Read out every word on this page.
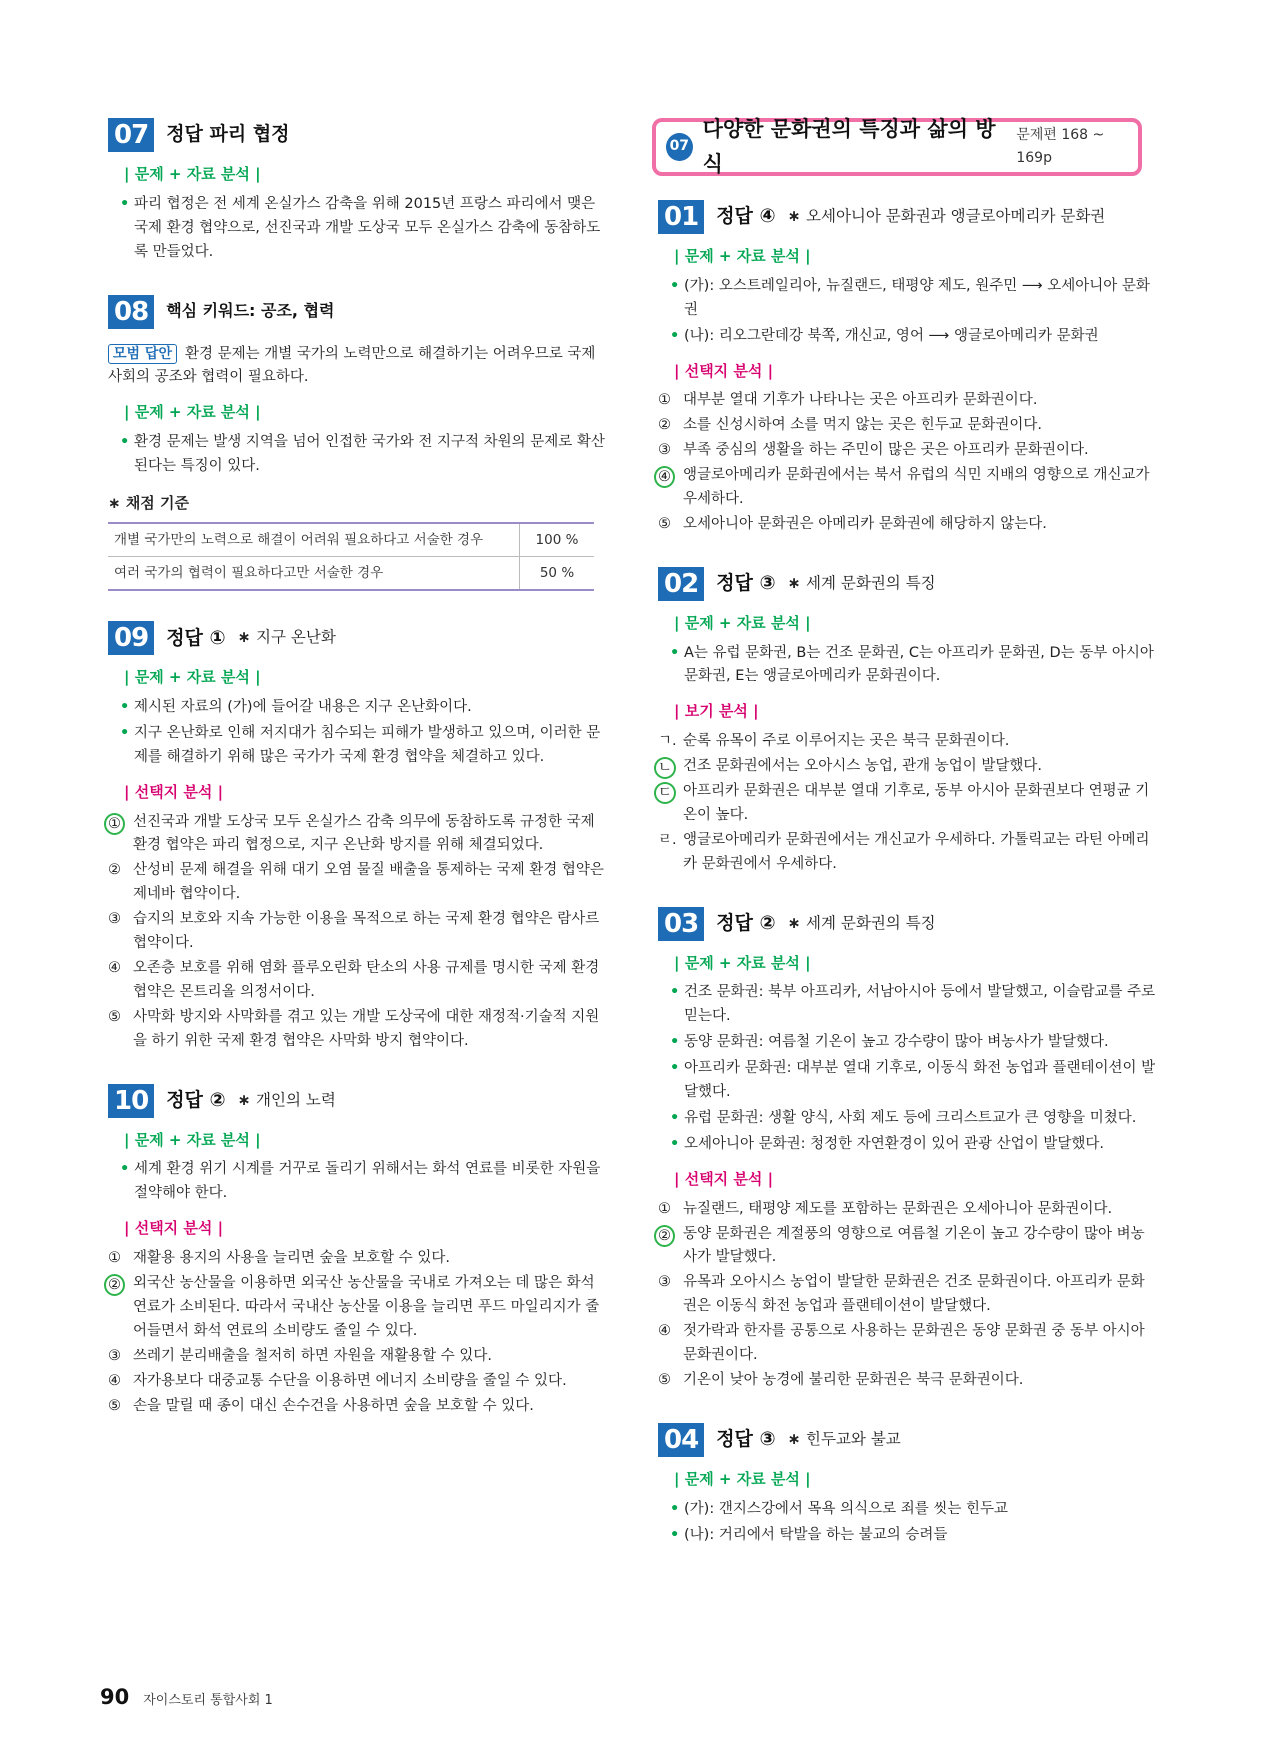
07 정답 파리 협정
| 문제 + 자료 분석 |
• 파리 협정은 전 세계 온실가스 감축을 위해 2015년 프랑스 파리에서 맺은 국제 환경 협약으로, 선진국과 개발 도상국 모두 온실가스 감축에 동참하도록 만들었다.
08	핵심 키워드: 공조, 협력
모범 답안 환경 문제는 개별 국가의 노력만으로 해결하기는 어려우므로 국제 사회의 공조와 협력이 필요하다.
| 문제 + 자료 분석 |
• 환경 문제는 발생 지역을 넘어 인접한 국가와 전 지구적 차원의 문제로 확산된다는 특징이 있다.
∗ 채점 기준
개별 국가만의 노력으로 해결이 어려워 필요하다고 서술한 경우	100 %
여러 국가의 협력이 필요하다고만 서술한 경우	50 %
09 정답 ①	∗ 지구 온난화
| 문제 + 자료 분석 |
• 제시된 자료의 (가)에 들어갈 내용은 지구 온난화이다.
• 지구 온난화로 인해 저지대가 침수되는 피해가 발생하고 있으며, 이러한 문제를 해결하기 위해 많은 국가가 국제 환경 협약을 체결하고 있다.
| 선택지 분석 |
① 선진국과 개발 도상국 모두 온실가스 감축 의무에 동참하도록 규정한 국제 환경 협약은 파리 협정으로, 지구 온난화 방지를 위해 체결되었다.
② 산성비 문제 해결을 위해 대기 오염 물질 배출을 통제하는 국제 환경 협약은 제네바 협약이다.
③ 습지의 보호와 지속 가능한 이용을 목적으로 하는 국제 환경 협약은 람사르 협약이다.
④ 오존층 보호를 위해 염화 플루오린화 탄소의 사용 규제를 명시한 국제 환경 협약은 몬트리올 의정서이다.
⑤ 사막화 방지와 사막화를 겪고 있는 개발 도상국에 대한 재정적·기술적 지원을 하기 위한 국제 환경 협약은 사막화 방지 협약이다.
10 정답 ②	∗ 개인의 노력
| 문제 + 자료 분석 |
• 세계 환경 위기 시계를 거꾸로 돌리기 위해서는 화석 연료를 비롯한 자원을 절약해야 한다.
| 선택지 분석 |
① 재활용 용지의 사용을 늘리면 숲을 보호할 수 있다.
② 외국산 농산물을 이용하면 외국산 농산물을 국내로 가져오는 데 많은 화석 연료가 소비된다. 따라서 국내산 농산물 이용을 늘리면 푸드 마일리지가 줄어들면서 화석 연료의 소비량도 줄일 수 있다.
③ 쓰레기 분리배출을 철저히 하면 자원을 재활용할 수 있다.
④ 자가용보다 대중교통 수단을 이용하면 에너지 소비량을 줄일 수 있다.
⑤ 손을 말릴 때 종이 대신 손수건을 사용하면 숲을 보호할 수 있다.
07
다양한 문화권의 특징과 삶의 방식
문제편 168 ~ 169p
01 정답 ④	∗ 오세아니아 문화권과 앵글로아메리카 문화권
| 문제 + 자료 분석 |
• (가): 오스트레일리아, 뉴질랜드, 태평양 제도, 원주민 ⟶ 오세아니아 문화권
• (나): 리오그란데강 북쪽, 개신교, 영어 ⟶ 앵글로아메리카 문화권
| 선택지 분석 |
① 대부분 열대 기후가 나타나는 곳은 아프리카 문화권이다.
② 소를 신성시하여 소를 먹지 않는 곳은 힌두교 문화권이다.
③ 부족 중심의 생활을 하는 주민이 많은 곳은 아프리카 문화권이다.
④ 앵글로아메리카 문화권에서는 북서 유럽의 식민 지배의 영향으로 개신교가 우세하다.
⑤ 오세아니아 문화권은 아메리카 문화권에 해당하지 않는다.
02 정답 ③	∗ 세계 문화권의 특징
| 문제 + 자료 분석 |
• A는 유럽 문화권, B는 건조 문화권, C는 아프리카 문화권, D는 동부 아시아 문화권, E는 앵글로아메리카 문화권이다.
| 보기 분석 |
ㄱ. 순록 유목이 주로 이루어지는 곳은 북극 문화권이다.
ㄴ 건조 문화권에서는 오아시스 농업, 관개 농업이 발달했다.
ㄷ 아프리카 문화권은 대부분 열대 기후로, 동부 아시아 문화권보다 연평균 기온이 높다.
ㄹ. 앵글로아메리카 문화권에서는 개신교가 우세하다. 가톨릭교는 라틴 아메리카 문화권에서 우세하다.
03 정답 ②	∗ 세계 문화권의 특징
| 문제 + 자료 분석 |
• 건조 문화권: 북부 아프리카, 서남아시아 등에서 발달했고, 이슬람교를 주로 믿는다.
• 동양 문화권: 여름철 기온이 높고 강수량이 많아 벼농사가 발달했다.
• 아프리카 문화권: 대부분 열대 기후로, 이동식 화전 농업과 플랜테이션이 발달했다.
• 유럽 문화권: 생활 양식, 사회 제도 등에 크리스트교가 큰 영향을 미쳤다.
• 오세아니아 문화권: 청정한 자연환경이 있어 관광 산업이 발달했다.
| 선택지 분석 |
① 뉴질랜드, 태평양 제도를 포함하는 문화권은 오세아니아 문화권이다.
② 동양 문화권은 계절풍의 영향으로 여름철 기온이 높고 강수량이 많아 벼농사가 발달했다.
③ 유목과 오아시스 농업이 발달한 문화권은 건조 문화권이다. 아프리카 문화권은 이동식 화전 농업과 플랜테이션이 발달했다.
④ 젓가락과 한자를 공통으로 사용하는 문화권은 동양 문화권 중 동부 아시아 문화권이다.
⑤ 기온이 낮아 농경에 불리한 문화권은 북극 문화권이다.
04 정답 ③	∗ 힌두교와 불교
| 문제 + 자료 분석 |
• (가): 갠지스강에서 목욕 의식으로 죄를 씻는 힌두교
• (나): 거리에서 탁발을 하는 불교의 승려들
90 자이스토리 통합사회 1
